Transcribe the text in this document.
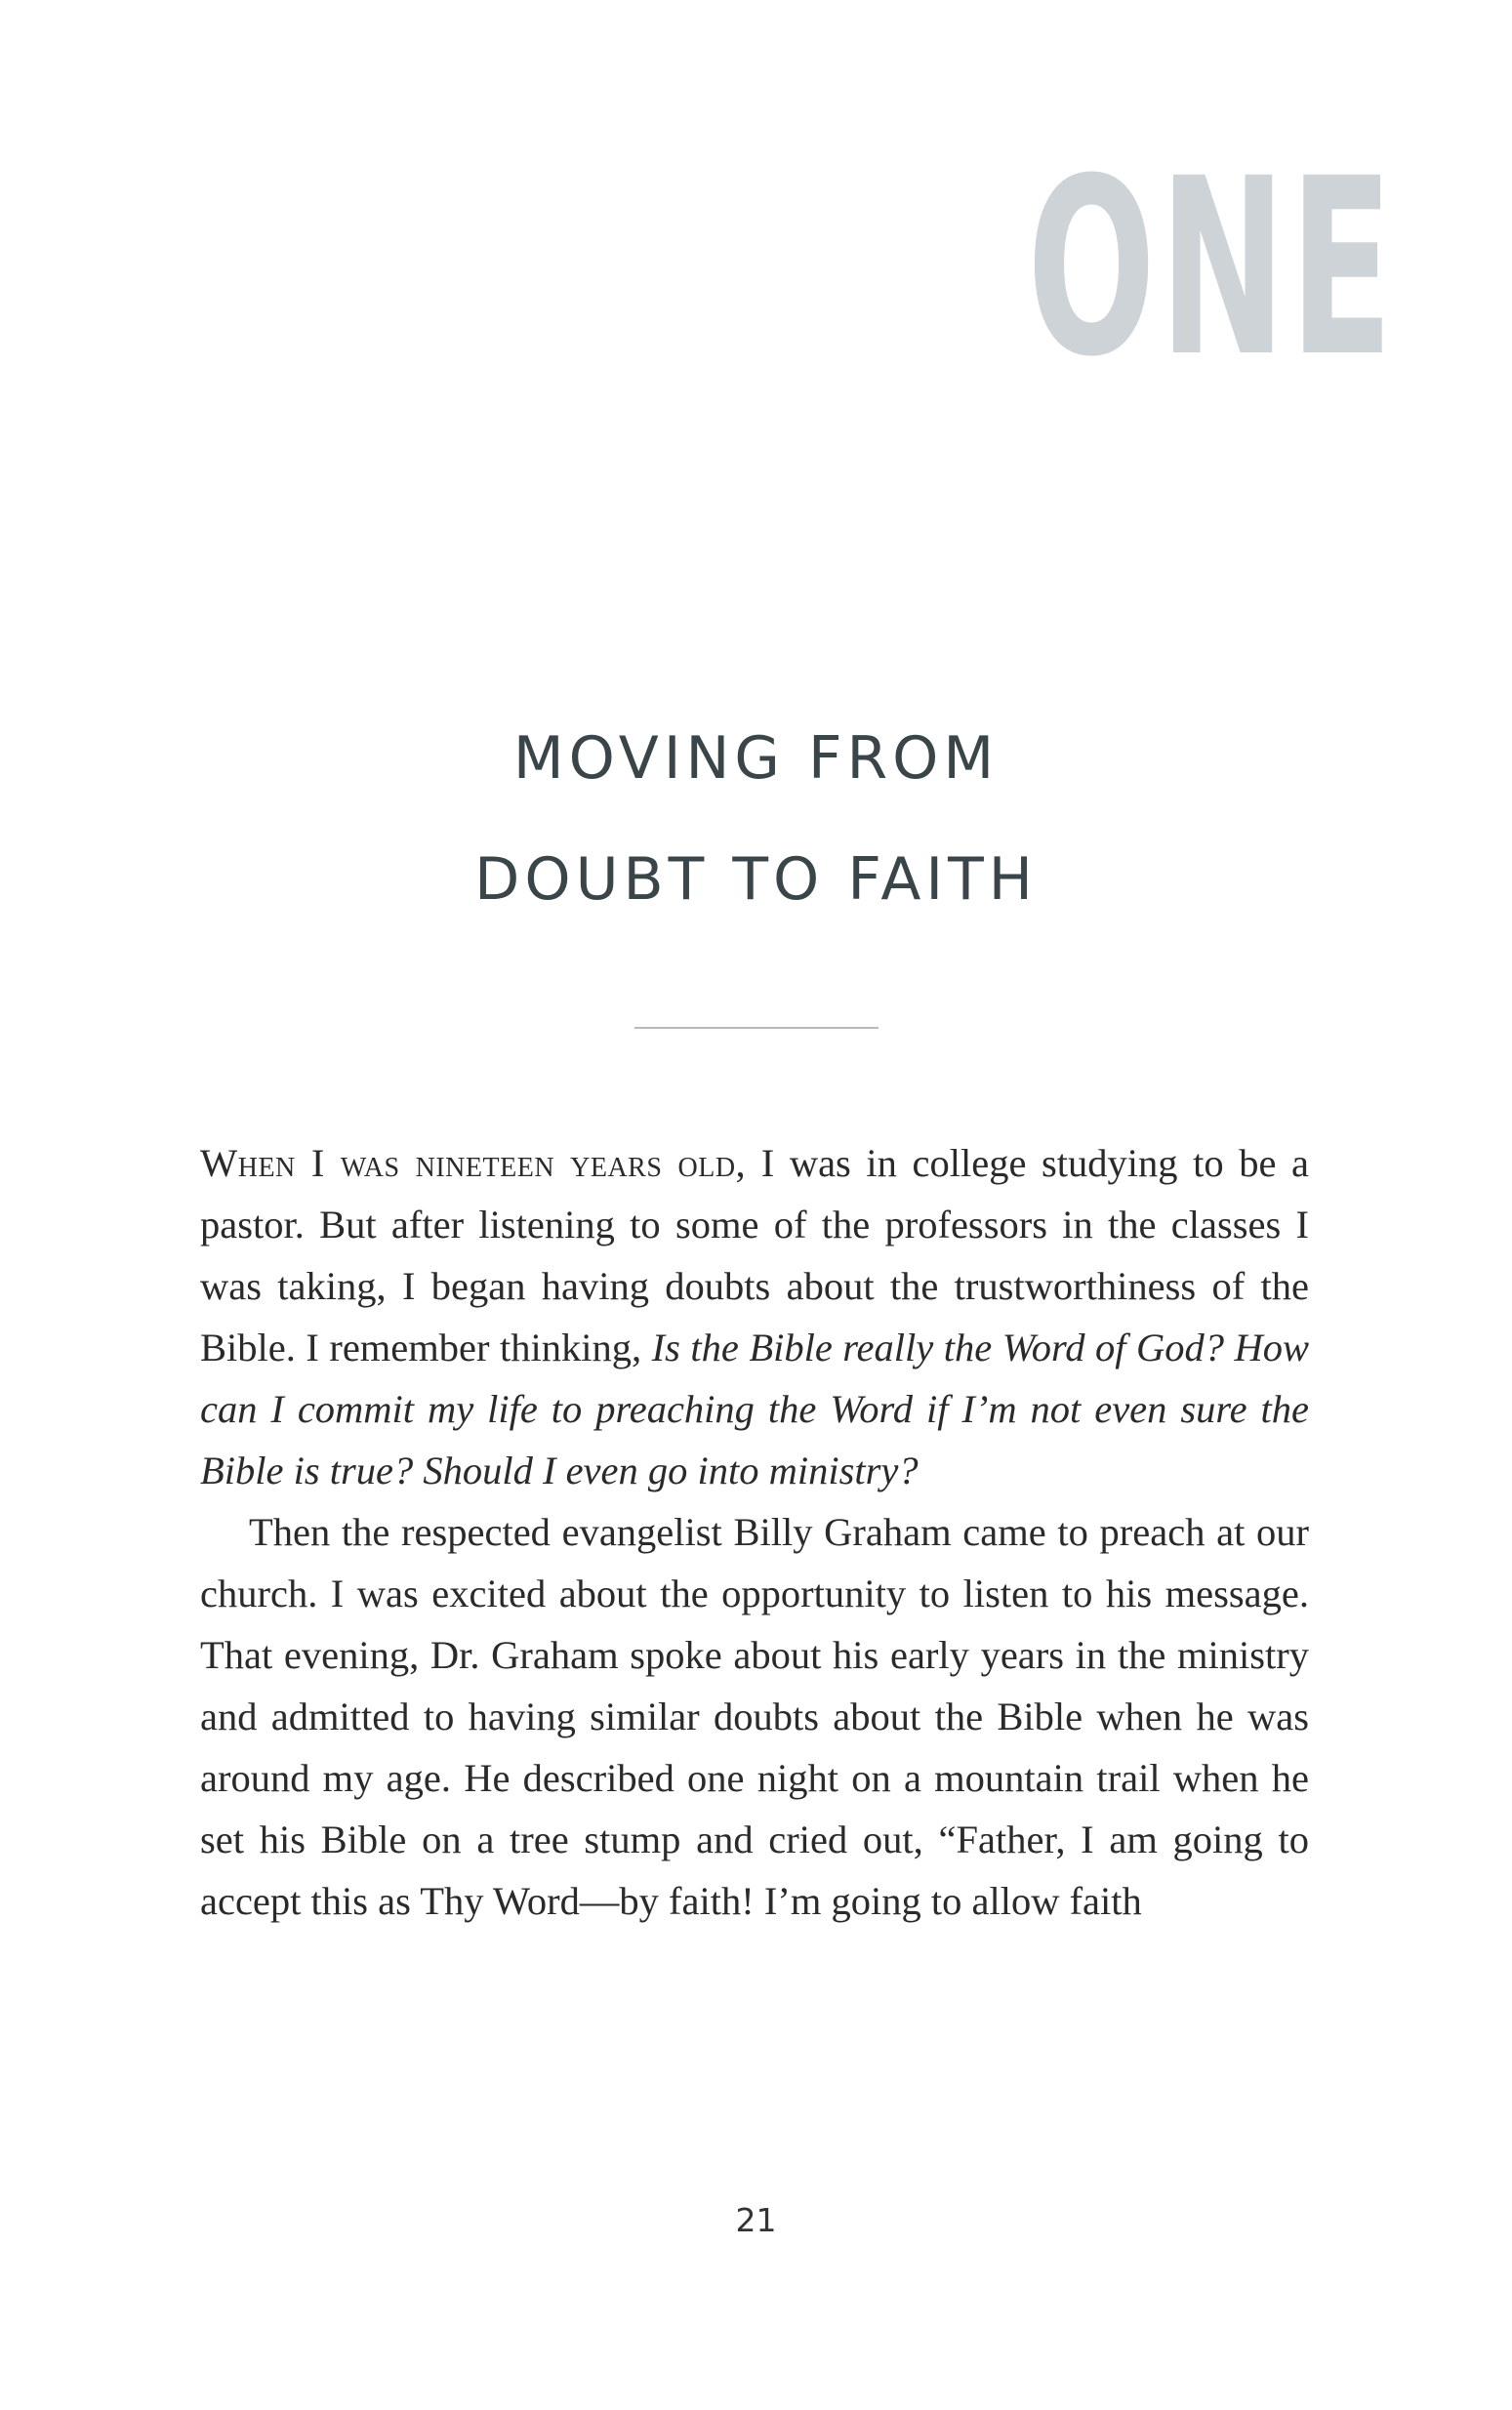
ONE
MOVING FROM
DOUBT TO FAITH

When I was nineteen years old, I was in college studying to be a pastor. But after listening to some of the professors in the classes I was taking, I began having doubts about the trustworthiness of the Bible. I remember thinking, Is the Bible really the Word of God? How can I commit my life to preaching the Word if I’m not even sure the Bible is true? Should I even go into ministry?

Then the respected evangelist Billy Graham came to preach at our church. I was excited about the opportunity to listen to his message. That evening, Dr. Graham spoke about his early years in the ministry and admitted to having similar doubts about the Bible when he was around my age. He described one night on a mountain trail when he set his Bible on a tree stump and cried out, “Father, I am going to accept this as Thy Word—by faith! I’m going to allow faith

21
